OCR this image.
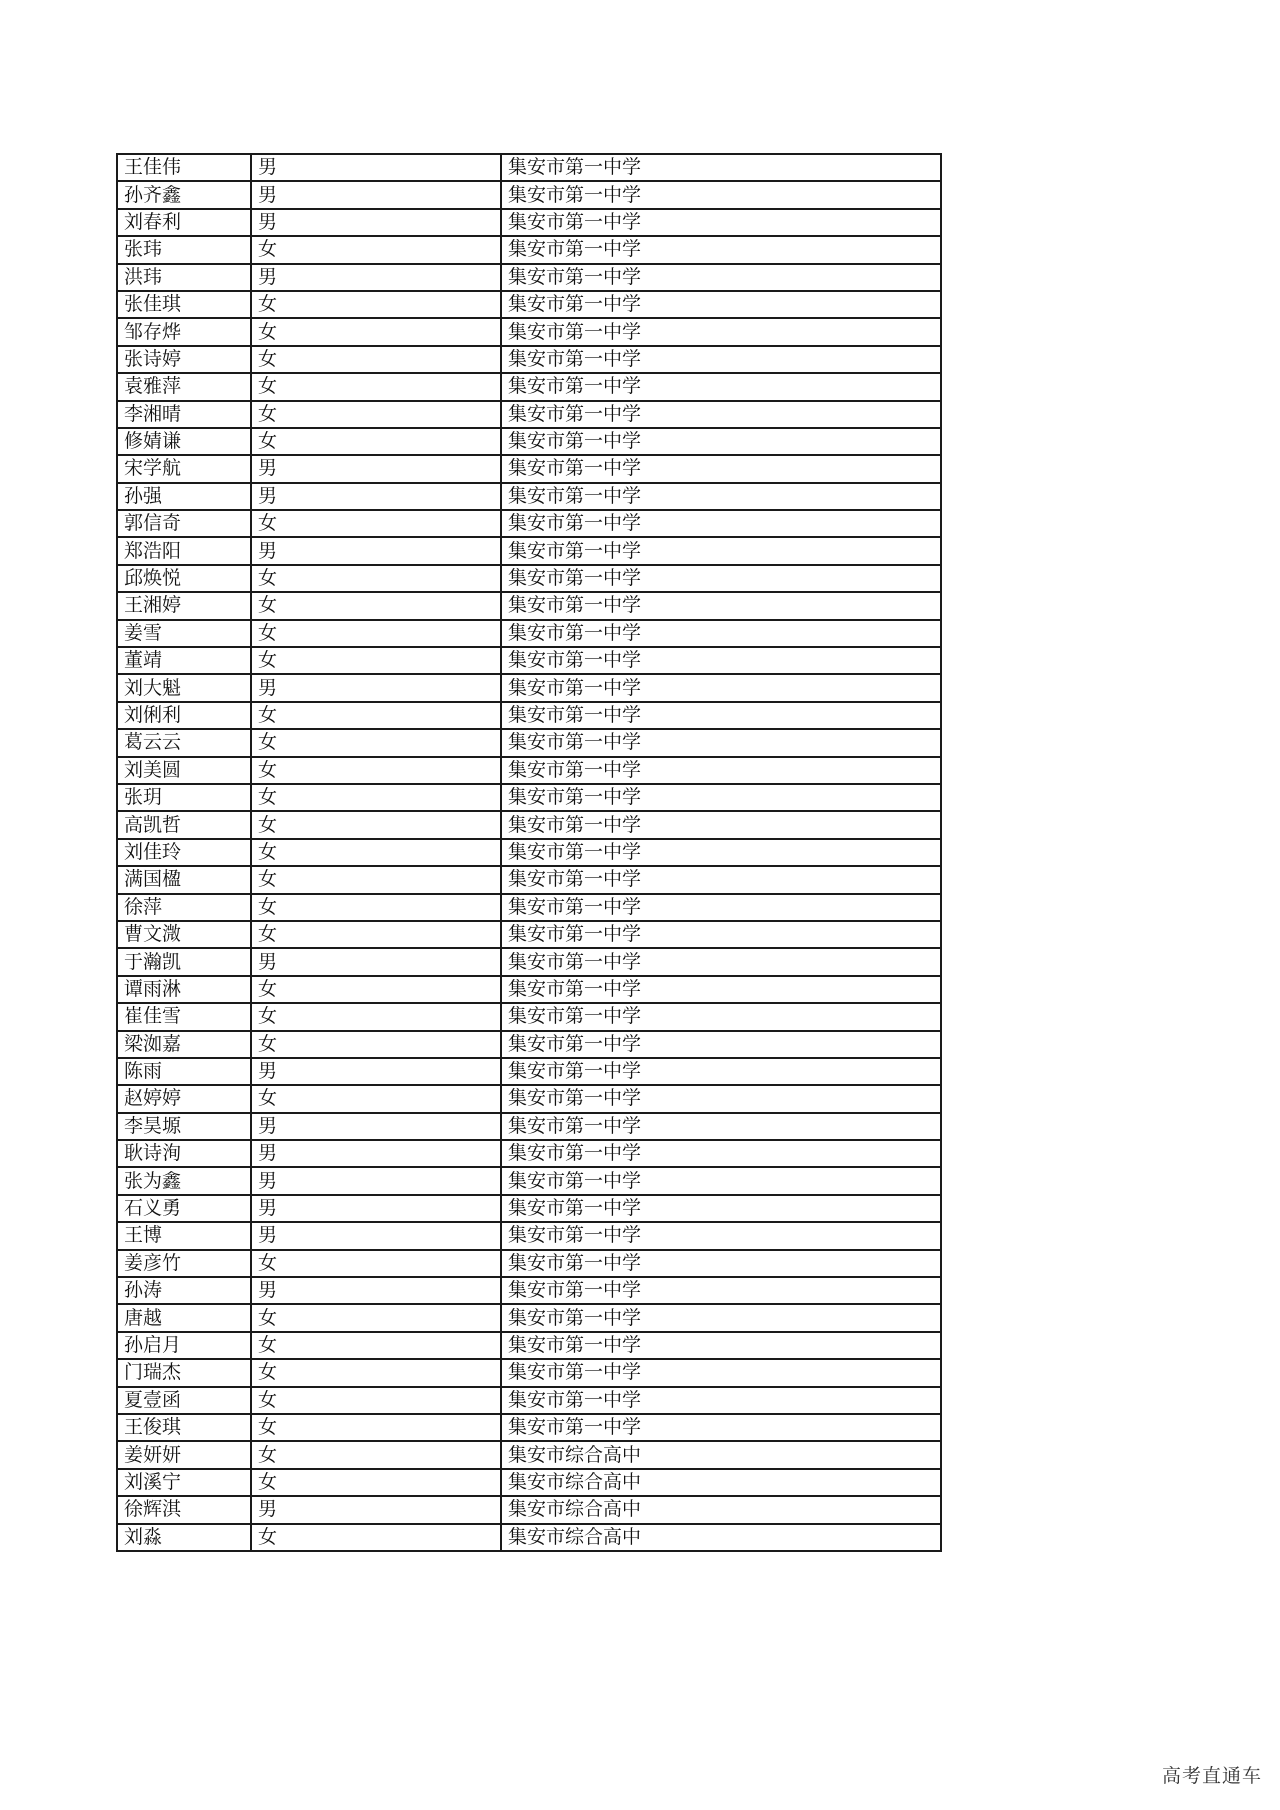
王佳伟	男	集安市第一中学
孙齐鑫	男	集安市第一中学
刘春利	男	集安市第一中学
张玮	女	集安市第一中学
洪玮	男	集安市第一中学
张佳琪	女	集安市第一中学
邹存烨	女	集安市第一中学
张诗婷	女	集安市第一中学
袁雅萍	女	集安市第一中学
李湘晴	女	集安市第一中学
修婧谦	女	集安市第一中学
宋学航	男	集安市第一中学
孙强	男	集安市第一中学
郭信奇	女	集安市第一中学
郑浩阳	男	集安市第一中学
邱焕悦	女	集安市第一中学
王湘婷	女	集安市第一中学
姜雪	女	集安市第一中学
董靖	女	集安市第一中学
刘大魁	男	集安市第一中学
刘俐利	女	集安市第一中学
葛云云	女	集安市第一中学
刘美圆	女	集安市第一中学
张玥	女	集安市第一中学
高凯哲	女	集安市第一中学
刘佳玲	女	集安市第一中学
满国楹	女	集安市第一中学
徐萍	女	集安市第一中学
曹文溦	女	集安市第一中学
于瀚凯	男	集安市第一中学
谭雨淋	女	集安市第一中学
崔佳雪	女	集安市第一中学
梁洳嘉	女	集安市第一中学
陈雨	男	集安市第一中学
赵婷婷	女	集安市第一中学
李昊塬	男	集安市第一中学
耿诗洵	男	集安市第一中学
张为鑫	男	集安市第一中学
石义勇	男	集安市第一中学
王博	男	集安市第一中学
姜彦竹	女	集安市第一中学
孙涛	男	集安市第一中学
唐越	女	集安市第一中学
孙启月	女	集安市第一中学
门瑞杰	女	集安市第一中学
夏壹函	女	集安市第一中学
王俊琪	女	集安市第一中学
姜妍妍	女	集安市综合高中
刘溪宁	女	集安市综合高中
徐辉淇	男	集安市综合高中
刘淼	女	集安市综合高中
高考直通车
